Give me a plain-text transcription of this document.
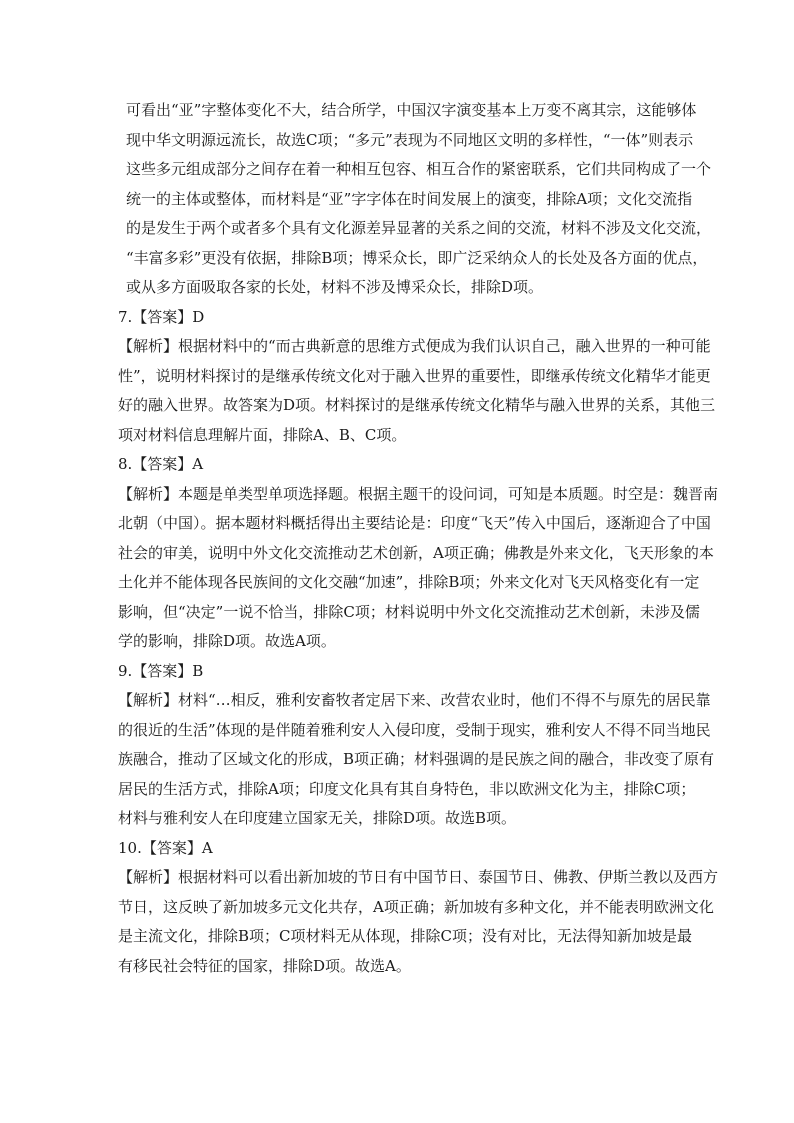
可看出“亚”字整体变化不大，结合所学，中国汉字演变基本上万变不离其宗，这能够体
现中华文明源远流长，故选C项；“多元”表现为不同地区文明的多样性，“一体”则表示
这些多元组成部分之间存在着一种相互包容、相互合作的紧密联系，它们共同构成了一个
统一的主体或整体，而材料是“亚”字字体在时间发展上的演变，排除A项；文化交流指
的是发生于两个或者多个具有文化源差异显著的关系之间的交流，材料不涉及文化交流，
“丰富多彩”更没有依据，排除B项；博采众长，即广泛采纳众人的长处及各方面的优点，
或从多方面吸取各家的长处，材料不涉及博采众长，排除D项。
7.【答案】D
【解析】根据材料中的“而古典新意的思维方式便成为我们认识自己，融入世界的一种可能
性”，说明材料探讨的是继承传统文化对于融入世界的重要性，即继承传统文化精华才能更
好的融入世界。故答案为D项。材料探讨的是继承传统文化精华与融入世界的关系，其他三
项对材料信息理解片面，排除A、B、C项。
8.【答案】A
【解析】本题是单类型单项选择题。根据主题干的设问词，可知是本质题。时空是：魏晋南
北朝（中国）。据本题材料概括得出主要结论是：印度“飞天”传入中国后，逐渐迎合了中国
社会的审美，说明中外文化交流推动艺术创新，A项正确；佛教是外来文化，飞天形象的本
土化并不能体现各民族间的文化交融“加速”，排除B项；外来文化对飞天风格变化有一定
影响，但“决定”一说不恰当，排除C项；材料说明中外文化交流推动艺术创新，未涉及儒
学的影响，排除D项。故选A项。
9.【答案】B
【解析】材料“…相反，雅利安畜牧者定居下来、改营农业时，他们不得不与原先的居民靠
的很近的生活”体现的是伴随着雅利安人入侵印度，受制于现实，雅利安人不得不同当地民
族融合，推动了区域文化的形成，B项正确；材料强调的是民族之间的融合，非改变了原有
居民的生活方式，排除A项；印度文化具有其自身特色，非以欧洲文化为主，排除C项；
材料与雅利安人在印度建立国家无关，排除D项。故选B项。
10.【答案】A
【解析】根据材料可以看出新加坡的节日有中国节日、泰国节日、佛教、伊斯兰教以及西方
节日，这反映了新加坡多元文化共存，A项正确；新加坡有多种文化，并不能表明欧洲文化
是主流文化，排除B项；C项材料无从体现，排除C项；没有对比，无法得知新加坡是最
有移民社会特征的国家，排除D项。故选A。
